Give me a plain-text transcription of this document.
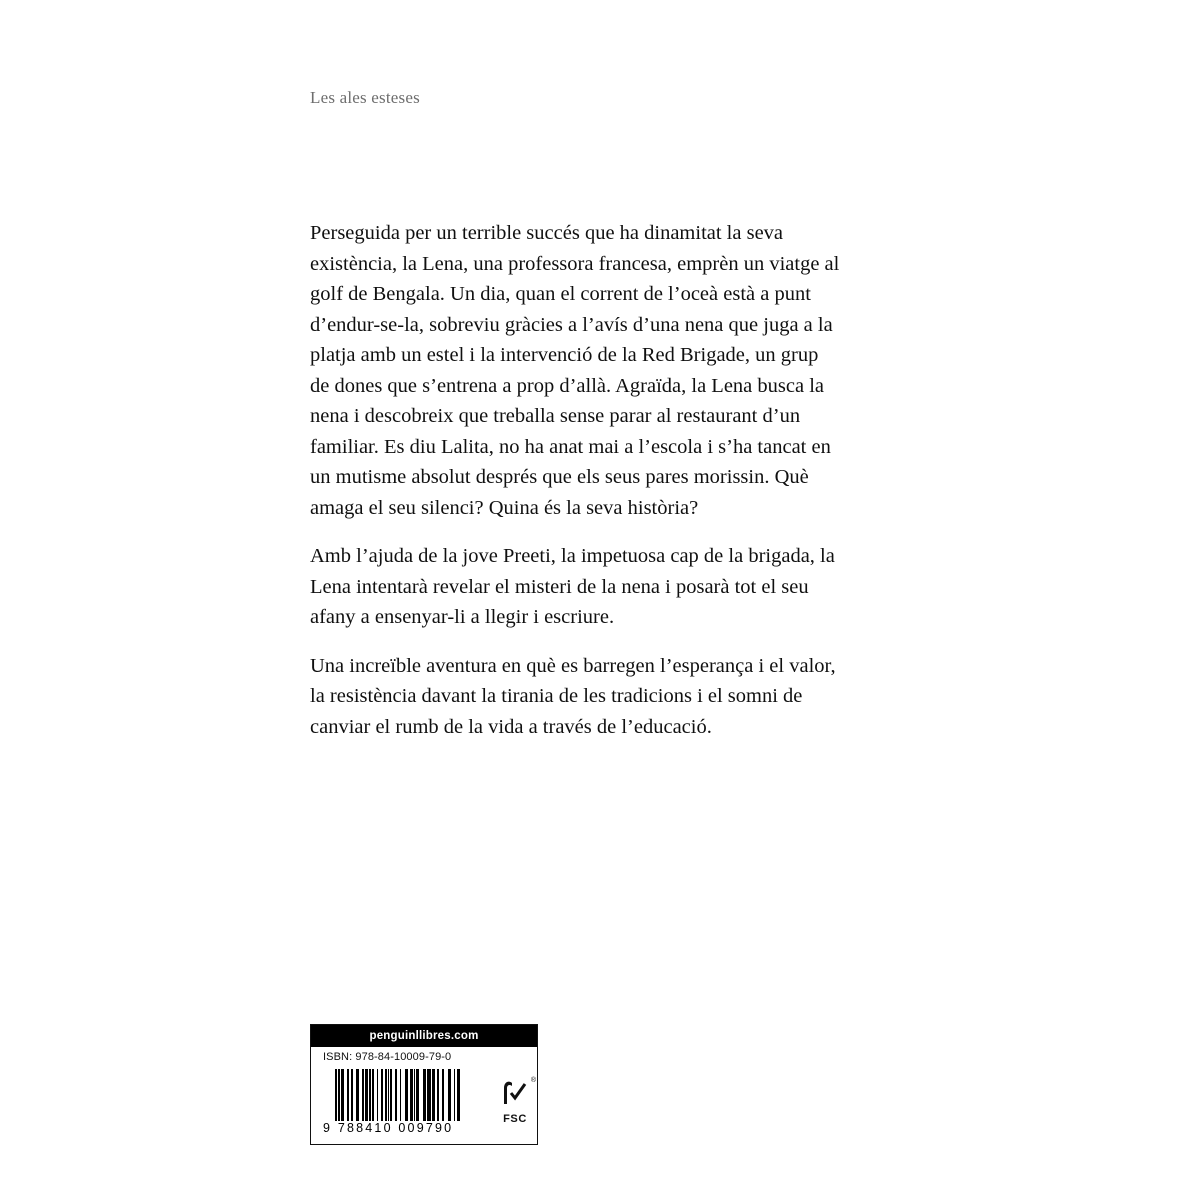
Les ales esteses

Perseguida per un terrible succés que ha dinamitat la seva existència, la Lena, una professora francesa, emprèn un viatge al golf de Bengala. Un dia, quan el corrent de l’oceà està a punt d’endur-se-la, sobreviu gràcies a l’avís d’una nena que juga a la platja amb un estel i la intervenció de la Red Brigade, un grup de dones que s’entrena a prop d’allà. Agraïda, la Lena busca la nena i descobreix que treballa sense parar al restaurant d’un familiar. Es diu Lalita, no ha anat mai a l’escola i s’ha tancat en un mutisme absolut després que els seus pares morissin. Què amaga el seu silenci? Quina és la seva història?

Amb l’ajuda de la jove Preeti, la impetuosa cap de la brigada, la Lena intentarà revelar el misteri de la nena i posarà tot el seu afany a ensenyar-li a llegir i escriure.

Una increïble aventura en què es barregen l’esperança i el valor, la resistència davant la tirania de les tradicions i el somni de canviar el rumb de la vida a través de l’educació.

penguinllibres.com
ISBN: 978-84-10009-79-0
9 788410 009790
®
FSC
